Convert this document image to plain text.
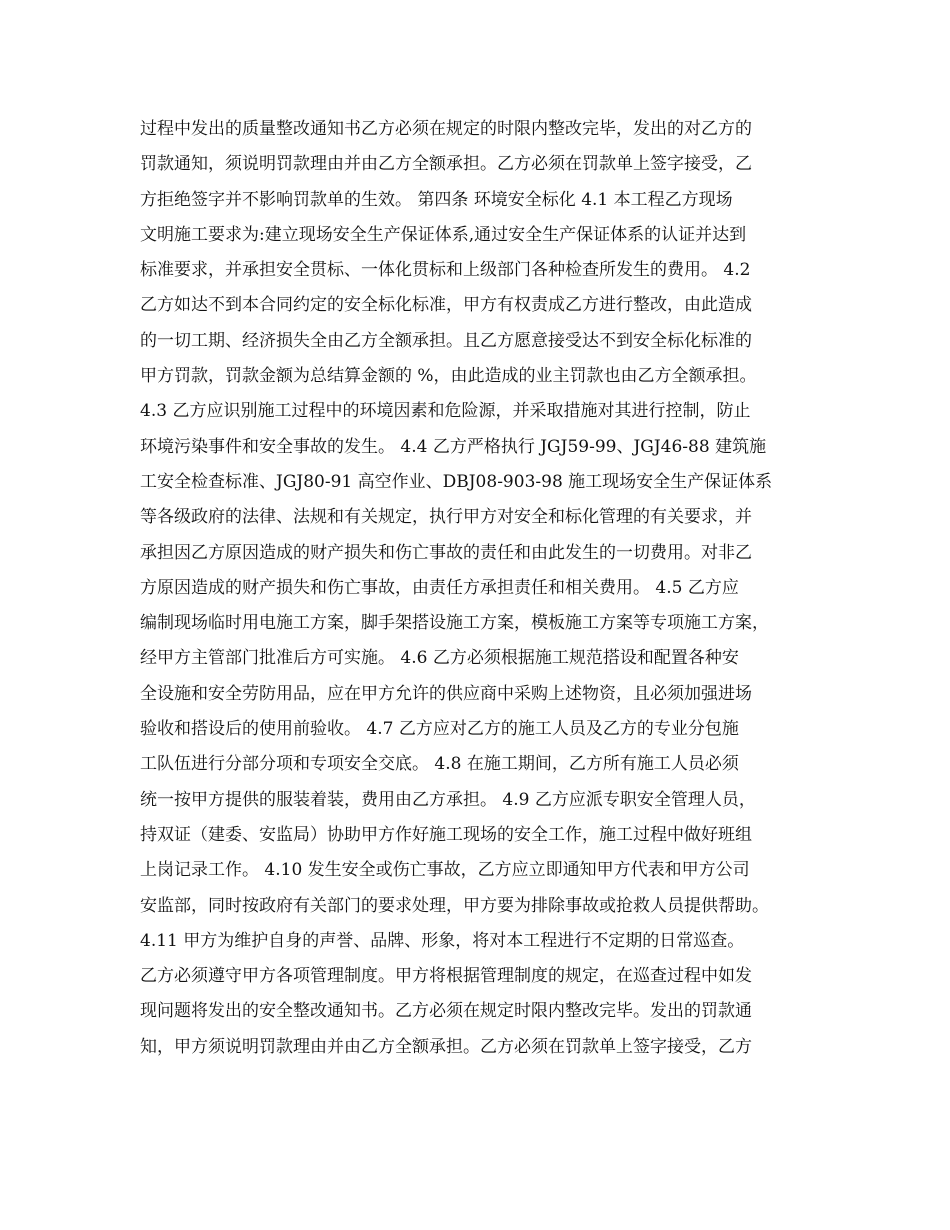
过程中发出的质量整改通知书乙方必须在规定的时限内整改完毕，发出的对乙方的
罚款通知，须说明罚款理由并由乙方全额承担。乙方必须在罚款单上签字接受，乙
方拒绝签字并不影响罚款单的生效。 第四条 环境安全标化 4.1 本工程乙方现场
文明施工要求为:建立现场安全生产保证体系,通过安全生产保证体系的认证并达到
标准要求，并承担安全贯标、一体化贯标和上级部门各种检查所发生的费用。 4.2
乙方如达不到本合同约定的安全标化标准，甲方有权责成乙方进行整改，由此造成
的一切工期、经济损失全由乙方全额承担。且乙方愿意接受达不到安全标化标准的
甲方罚款，罚款金额为总结算金额的 %，由此造成的业主罚款也由乙方全额承担。
4.3 乙方应识别施工过程中的环境因素和危险源，并采取措施对其进行控制，防止
环境污染事件和安全事故的发生。 4.4 乙方严格执行 JGJ59-99、JGJ46-88 建筑施
工安全检查标准、JGJ80-91 高空作业、DBJ08-903-98 施工现场安全生产保证体系
等各级政府的法律、法规和有关规定，执行甲方对安全和标化管理的有关要求，并
承担因乙方原因造成的财产损失和伤亡事故的责任和由此发生的一切费用。对非乙
方原因造成的财产损失和伤亡事故，由责任方承担责任和相关费用。 4.5 乙方应
编制现场临时用电施工方案，脚手架搭设施工方案，模板施工方案等专项施工方案，
经甲方主管部门批准后方可实施。 4.6 乙方必须根据施工规范搭设和配置各种安
全设施和安全劳防用品，应在甲方允许的供应商中采购上述物资，且必须加强进场
验收和搭设后的使用前验收。 4.7 乙方应对乙方的施工人员及乙方的专业分包施
工队伍进行分部分项和专项安全交底。 4.8 在施工期间，乙方所有施工人员必须
统一按甲方提供的服装着装，费用由乙方承担。 4.9 乙方应派专职安全管理人员，
持双证（建委、安监局）协助甲方作好施工现场的安全工作，施工过程中做好班组
上岗记录工作。 4.10 发生安全或伤亡事故，乙方应立即通知甲方代表和甲方公司
安监部，同时按政府有关部门的要求处理，甲方要为排除事故或抢救人员提供帮助。
4.11 甲方为维护自身的声誉、品牌、形象，将对本工程进行不定期的日常巡查。
乙方必须遵守甲方各项管理制度。甲方将根据管理制度的规定，在巡查过程中如发
现问题将发出的安全整改通知书。乙方必须在规定时限内整改完毕。发出的罚款通
知，甲方须说明罚款理由并由乙方全额承担。乙方必须在罚款单上签字接受，乙方
